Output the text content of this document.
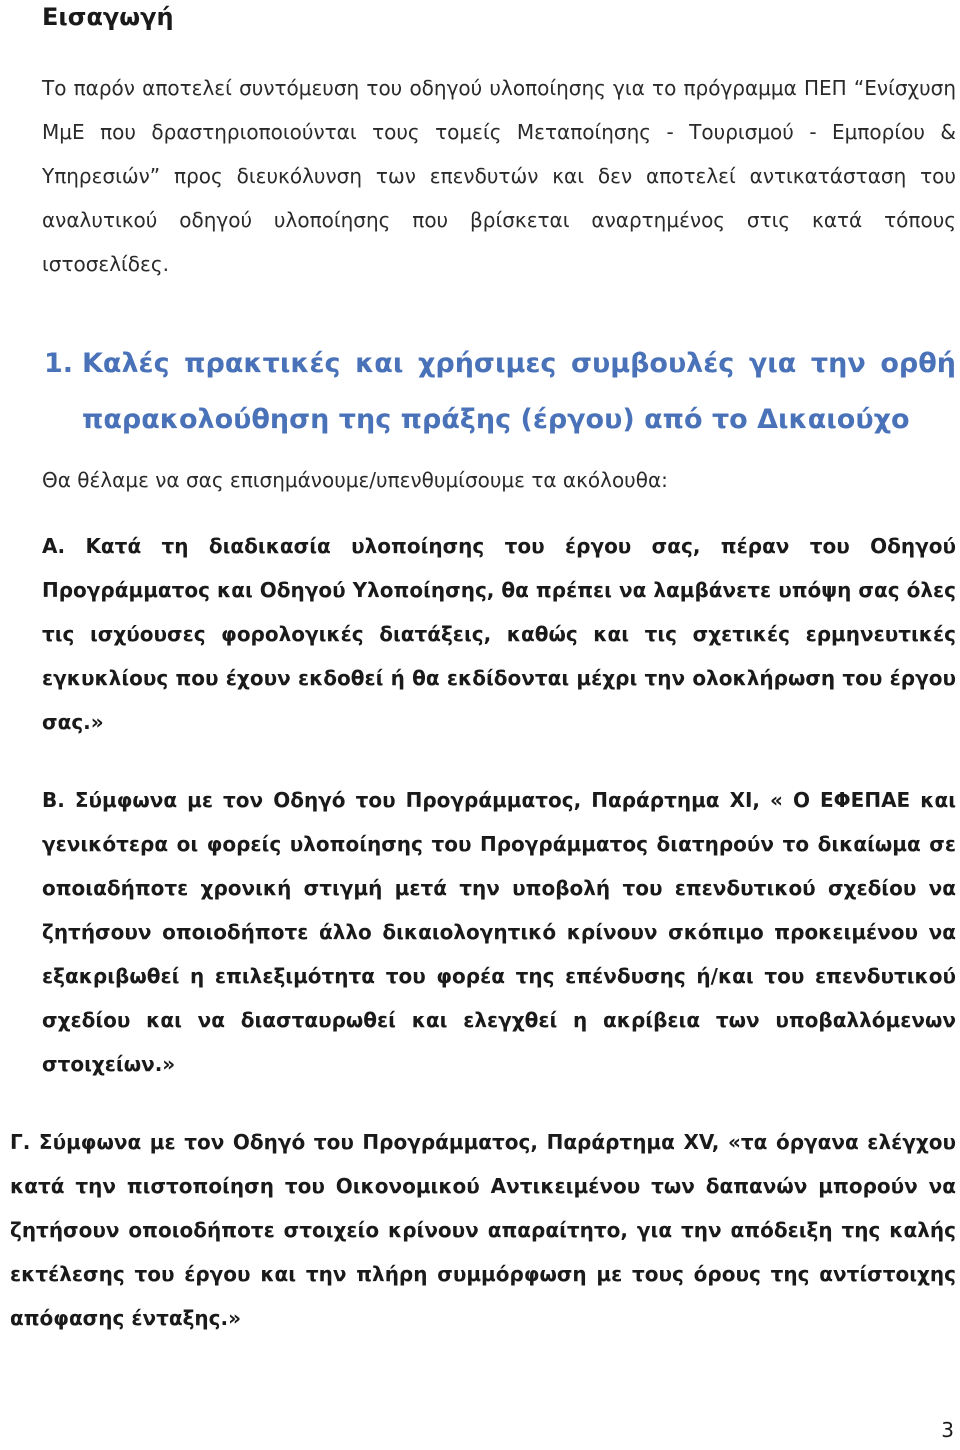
Εισαγωγή

Το παρόν αποτελεί συντόμευση του οδηγού υλοποίησης για το πρόγραμμα ΠΕΠ “Ενίσχυση ΜμΕ που δραστηριοποιούνται τους τομείς Μεταποίησης - Τουρισμού - Εμπορίου & Υπηρεσιών” προς διευκόλυνση των επενδυτών και δεν αποτελεί αντικατάσταση του αναλυτικού οδηγού υλοποίησης που βρίσκεται αναρτημένος στις κατά τόπους ιστοσελίδες.

1. Καλές πρακτικές και χρήσιμες συμβουλές για την ορθή παρακολούθηση της πράξης (έργου) από το Δικαιούχο

Θα θέλαμε να σας επισημάνουμε/υπενθυμίσουμε τα ακόλουθα:

Α. Κατά τη διαδικασία υλοποίησης του έργου σας, πέραν του Οδηγού Προγράμματος και Οδηγού Υλοποίησης, θα πρέπει να λαμβάνετε υπόψη σας όλες τις ισχύουσες φορολογικές διατάξεις, καθώς και τις σχετικές ερμηνευτικές εγκυκλίους που έχουν εκδοθεί ή θα εκδίδονται μέχρι την ολοκλήρωση του έργου σας.»

Β. Σύμφωνα με τον Οδηγό του Προγράμματος, Παράρτημα ΧΙ, « Ο ΕΦΕΠΑΕ και γενικότερα οι φορείς υλοποίησης του Προγράμματος διατηρούν το δικαίωμα σε οποιαδήποτε χρονική στιγμή μετά την υποβολή του επενδυτικού σχεδίου να ζητήσουν οποιοδήποτε άλλο δικαιολογητικό κρίνουν σκόπιμο προκειμένου να εξακριβωθεί η επιλεξιμότητα του φορέα της επένδυσης ή/και του επενδυτικού σχεδίου και να διασταυρωθεί και ελεγχθεί η ακρίβεια των υποβαλλόμενων στοιχείων.»

Γ. Σύμφωνα με τον Οδηγό του Προγράμματος, Παράρτημα ΧV, «τα όργανα ελέγχου κατά την πιστοποίηση του Οικονομικού Αντικειμένου των δαπανών μπορούν να ζητήσουν οποιοδήποτε στοιχείο κρίνουν απαραίτητο, για την απόδειξη της καλής εκτέλεσης του έργου και την πλήρη συμμόρφωση με τους όρους της αντίστοιχης απόφασης ένταξης.»

3
